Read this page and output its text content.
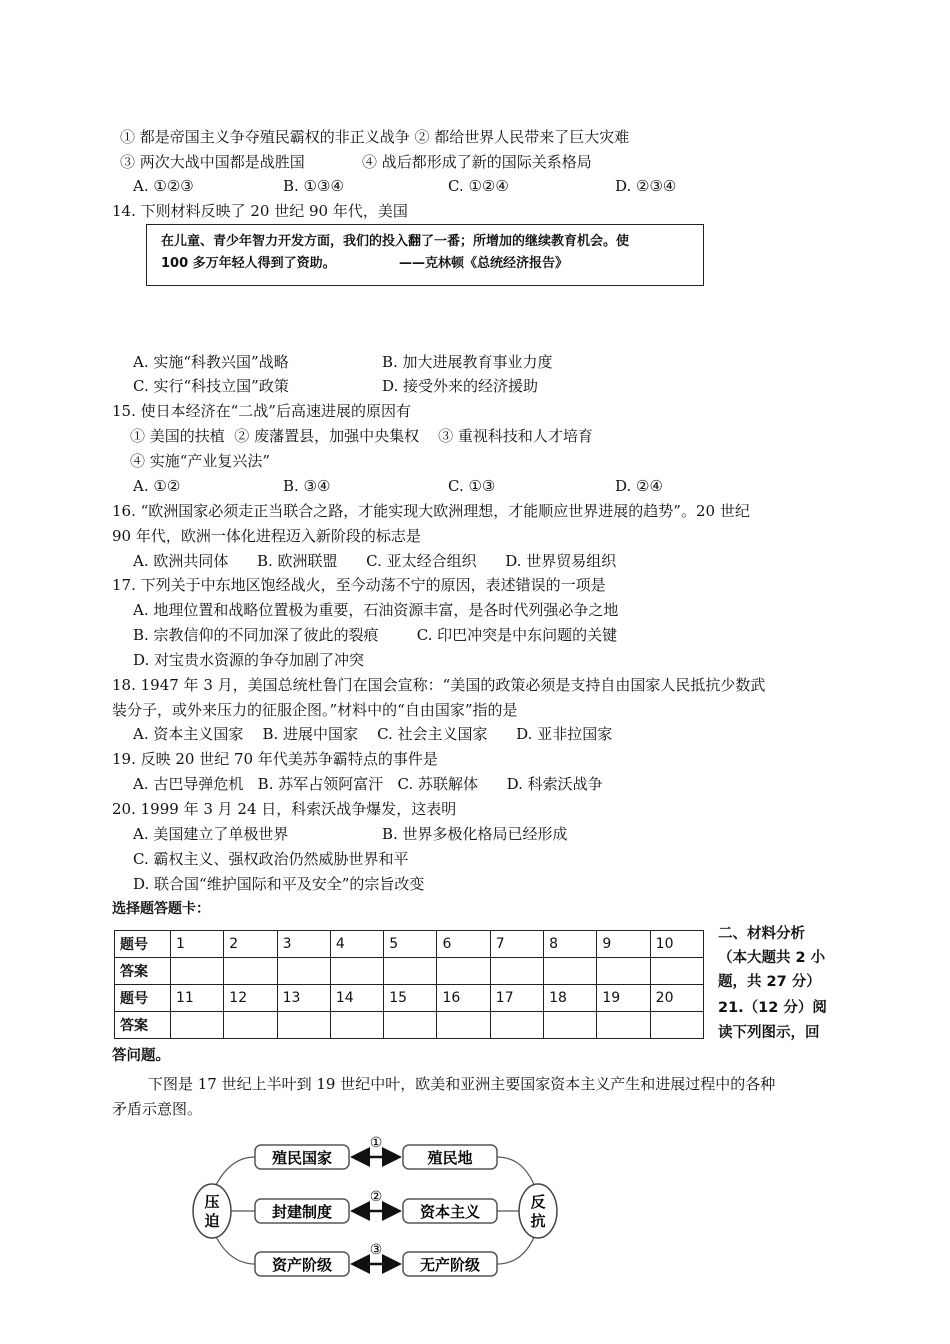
① 都是帝国主义争夺殖民霸权的非正义战争 ② 都给世界人民带来了巨大灾难
③ 两次大战中国都是战胜国            ④ 战后都形成了新的国际关系格局
A. ①②③	B. ①③④	C. ①②④	D. ②③④
14. 下则材料反映了 20 世纪 90 年代，美国
在儿童、青少年智力开发方面，我们的投入翻了一番；所增加的继续教育机会。使
100 多万年轻人得到了资助。              ——克林顿《总统经济报告》
A. 实施“科教兴国”战略	B. 加大进展教育事业力度
C. 实行“科技立国”政策	D. 接受外来的经济援助
15. 使日本经济在“二战”后高速进展的原因有
① 美国的扶植  ② 废藩置县，加强中央集权    ③ 重视科技和人才培育
④ 实施“产业复兴法”
A. ①②	B. ③④	C. ①③	D. ②④
16. “欧洲国家必须走正当联合之路，才能实现大欧洲理想，才能顺应世界进展的趋势”。20 世纪
90 年代，欧洲一体化进程迈入新阶段的标志是
A. 欧洲共同体      B. 欧洲联盟      C. 亚太经合组织      D. 世界贸易组织
17. 下列关于中东地区饱经战火，至今动荡不宁的原因，表述错误的一项是
A. 地理位置和战略位置极为重要，石油资源丰富，是各时代列强必争之地
B. 宗教信仰的不同加深了彼此的裂痕        C. 印巴冲突是中东问题的关键
D. 对宝贵水资源的争夺加剧了冲突
18. 1947 年 3 月，美国总统杜鲁门在国会宣称：“美国的政策必须是支持自由国家人民抵抗少数武
装分子，或外来压力的征服企图。”材料中的“自由国家”指的是
A. 资本主义国家    B. 进展中国家    C. 社会主义国家      D. 亚非拉国家
19. 反映 20 世纪 70 年代美苏争霸特点的事件是
A. 古巴导弹危机   B. 苏军占领阿富汗   C. 苏联解体      D. 科索沃战争
20. 1999 年 3 月 24 日，科索沃战争爆发，这表明
A. 美国建立了单极世界	B. 世界多极化格局已经形成
C. 霸权主义、强权政治仍然威胁世界和平
D. 联合国“维护国际和平及安全”的宗旨改变
选择题答题卡：
题号	1	2	3	4	5	6	7	8	9	10
答案										
题号	11	12	13	14	15	16	17	18	19	20
答案										
二、材料分析
（本大题共 2 小
题，共 27 分）
21.（12 分）阅
读下列图示，回
答问题。
下图是 17 世纪上半叶到 19 世纪中叶，欧美和亚洲主要国家资本主义产生和进展过程中的各种
矛盾示意图。
压
迫
反
抗
殖民国家
封建制度
资产阶级
殖民地
资本主义
无产阶级
①
②
③
